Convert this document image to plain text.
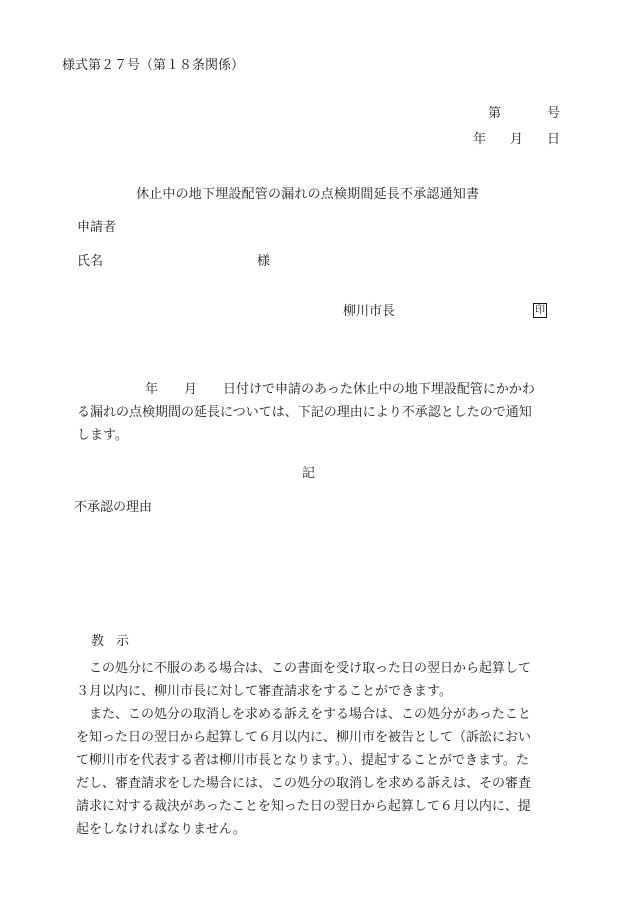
様式第２７号（第１８条関係）
第	号
年 月 日
休止中の地下埋設配管の漏れの点検期間延長不承認通知書
申請者
氏名	様
柳川市長	印
年 月 日付けで申請のあった休止中の地下埋設配管にかかわ
る漏れの点検期間の延長については、下記の理由により不承認としたので通知
します。
記
不承認の理由
教 示
　この処分に不服のある場合は、この書面を受け取った日の翌日から起算して
３月以内に、柳川市長に対して審査請求をすることができます。
　また、この処分の取消しを求める訴えをする場合は、この処分があったこと
を知った日の翌日から起算して６月以内に、柳川市を被告として（訴訟におい
て柳川市を代表する者は柳川市長となります。）、提起することができます。た
だし、審査請求をした場合には、この処分の取消しを求める訴えは、その審査
請求に対する裁決があったことを知った日の翌日から起算して６月以内に、提
起をしなければなりません。
